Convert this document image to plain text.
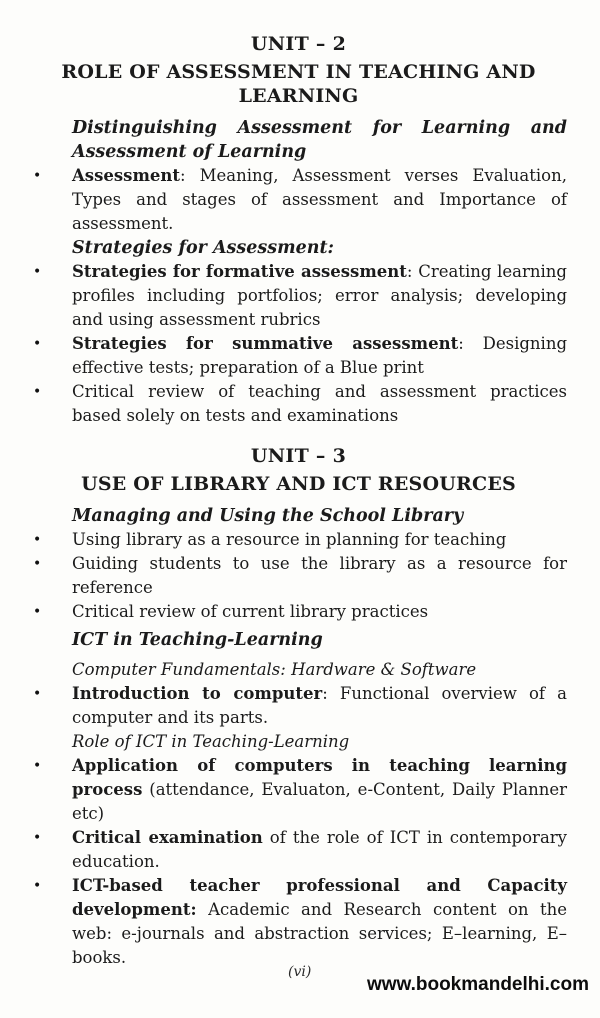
UNIT – 2
ROLE OF ASSESSMENT IN TEACHING AND LEARNING

Distinguishing Assessment for Learning and Assessment of Learning

•	Assessment: Meaning, Assessment verses Evaluation, Types and stages of assessment and Importance of assessment.

Strategies for Assessment:

•	Strategies for formative assessment: Creating learning profiles including portfolios; error analysis; developing and using assessment rubrics

•	Strategies for summative assessment: Designing effective tests; preparation of a Blue print

•	Critical review of teaching and assessment practices based solely on tests and examinations

UNIT – 3
USE OF LIBRARY AND ICT RESOURCES

Managing and Using the School Library

•	Using library as a resource in planning for teaching

•	Guiding students to use the library as a resource for reference

•	Critical review of current library practices

ICT in Teaching-Learning

Computer Fundamentals: Hardware & Software

•	Introduction to computer: Functional overview of a computer and its parts.

Role of ICT in Teaching-Learning

•	Application of computers in teaching learning process (attendance, Evaluaton, e-Content, Daily Planner etc)

•	Critical examination of the role of ICT in contemporary education.

•	ICT-based teacher professional and Capacity development: Academic and Research content on the web: e-journals and abstraction services; E–learning, E–books.

(vi)
www.bookmandelhi.com
